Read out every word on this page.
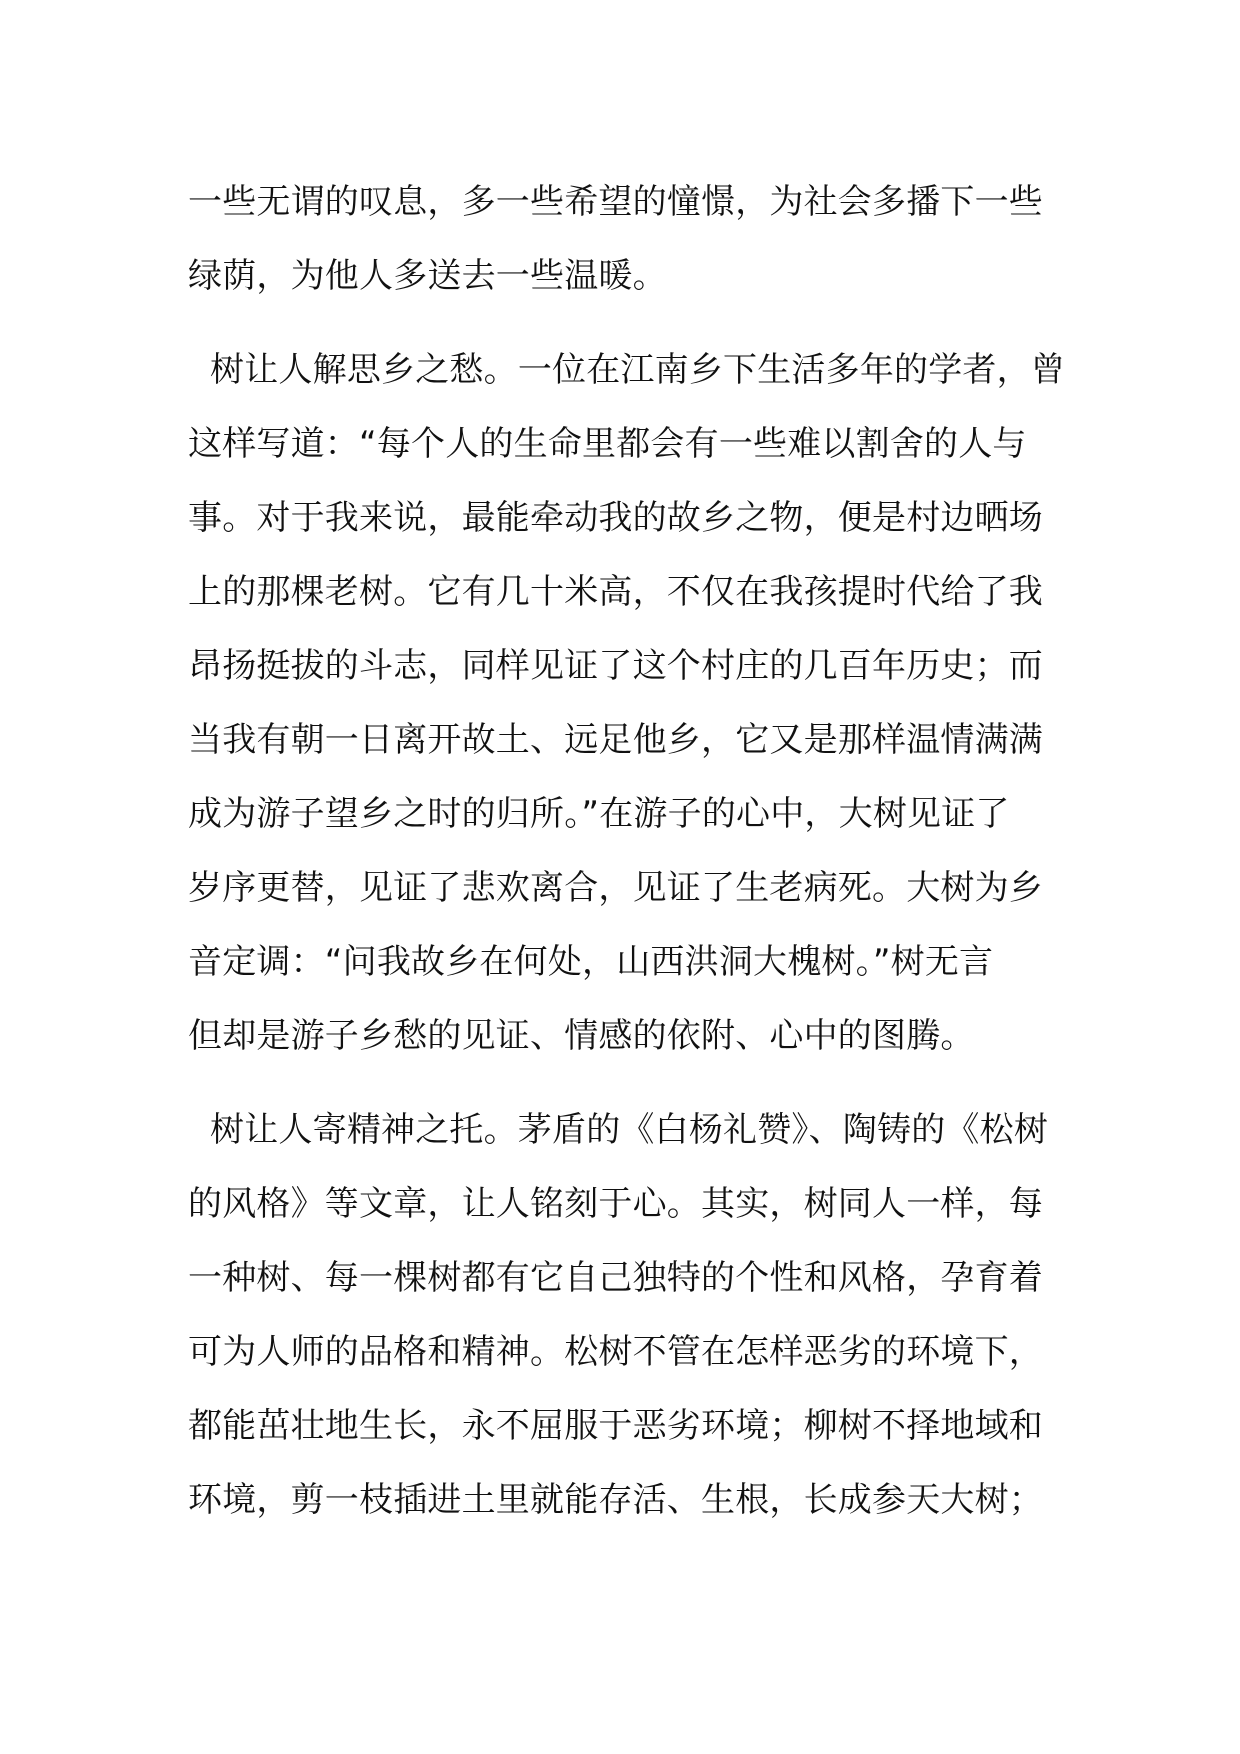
一些无谓的叹息，多一些希望的憧憬，为社会多播下一些
绿荫，为他人多送去一些温暖。
树让人解思乡之愁。一位在江南乡下生活多年的学者，曾
这样写道：“每个人的生命里都会有一些难以割舍的人与
事。对于我来说，最能牵动我的故乡之物，便是村边晒场
上的那棵老树。它有几十米高，不仅在我孩提时代给了我
昂扬挺拔的斗志，同样见证了这个村庄的几百年历史；而
当我有朝一日离开故土、远足他乡，它又是那样温情满满
成为游子望乡之时的归所。”在游子的心中，大树见证了
岁序更替，见证了悲欢离合，见证了生老病死。大树为乡
音定调：“问我故乡在何处，山西洪洞大槐树。”树无言
但却是游子乡愁的见证、情感的依附、心中的图腾。
树让人寄精神之托。茅盾的《白杨礼赞》、陶铸的《松树
的风格》等文章，让人铭刻于心。其实，树同人一样，每
一种树、每一棵树都有它自己独特的个性和风格，孕育着
可为人师的品格和精神。松树不管在怎样恶劣的环境下，
都能茁壮地生长，永不屈服于恶劣环境；柳树不择地域和
环境，剪一枝插进土里就能存活、生根，长成参天大树；
